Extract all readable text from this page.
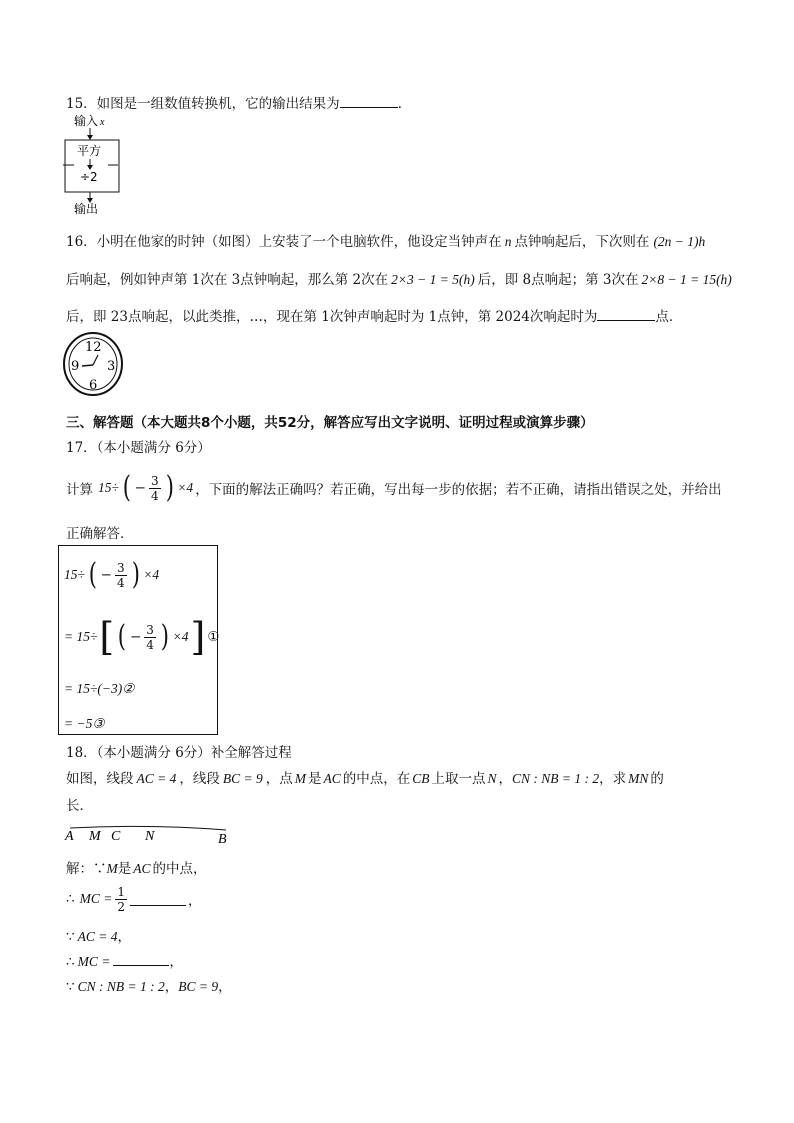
15．如图是一组数值转换机，它的输出结果为	．
输入 x
平方
÷2
输出
16．小明在他家的时钟（如图）上安装了一个电脑软件，他设定当钟声在 n 点钟响起后，下次则在 (2n − 1)h
后响起，例如钟声第 1次在 3点钟响起，那么第 2次在 2×3 − 1 = 5(h) 后，即 8点响起；第 3次在 2×8 − 1 = 15(h)
后，即 23点响起，以此类推，…，现在第 1次钟声响起时为 1点钟，第 2024次响起时为	点．
12
3
6
9
三、解答题（本大题共8个小题，共52分，解答应写出文字说明、证明过程或演算步骤）
17．（本小题满分 6分）
计算 15÷ ( − $\frac{3}{4}$ ) ×4 ，下面的解法正确吗？若正确，写出每一步的依据；若不正确，请指出错误之处，并给出
正确解答．
15÷ ( − $\frac{3}{4}$ ) ×4
= 15÷ [ ( − $\frac{3}{4}$ ) ×4 ] ①
= 15÷(−3)②
= −5③
18．（本小题满分 6分）补全解答过程
如图，线段 AC = 4 ，线段 BC = 9 ，点 M 是 AC 的中点，在 CB 上取一点 N ，CN : NB = 1 : 2，求 MN 的
长．
A M C N	B
解：∵M是 AC 的中点，
∴ MC = $\frac{1}{2}$	，
∵ AC = 4，
∴ MC =	，
∵ CN : NB = 1 : 2，BC = 9，
